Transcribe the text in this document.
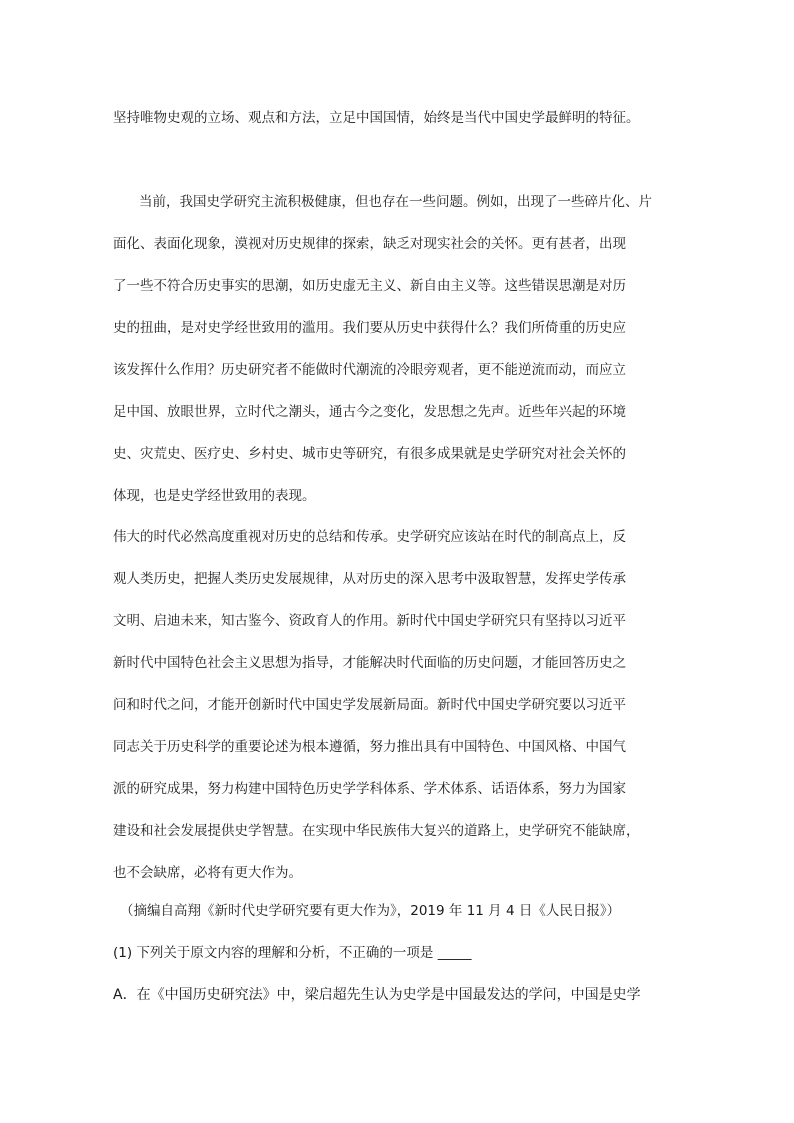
坚持唯物史观的立场、观点和方法，立足中国国情，始终是当代中国史学最鲜明的特征。
当前，我国史学研究主流积极健康，但也存在一些问题。例如，出现了一些碎片化、片
面化、表面化现象，漠视对历史规律的探索，缺乏对现实社会的关怀。更有甚者，出现
了一些不符合历史事实的思潮，如历史虚无主义、新自由主义等。这些错误思潮是对历
史的扭曲，是对史学经世致用的滥用。我们要从历史中获得什么？我们所倚重的历史应
该发挥什么作用？历史研究者不能做时代潮流的冷眼旁观者，更不能逆流而动，而应立
足中国、放眼世界，立时代之潮头，通古今之变化，发思想之先声。近些年兴起的环境
史、灾荒史、医疗史、乡村史、城市史等研究，有很多成果就是史学研究对社会关怀的
体现，也是史学经世致用的表现。
伟大的时代必然高度重视对历史的总结和传承。史学研究应该站在时代的制高点上，反
观人类历史，把握人类历史发展规律，从对历史的深入思考中汲取智慧，发挥史学传承
文明、启迪未来，知古鉴今、资政育人的作用。新时代中国史学研究只有坚持以习近平
新时代中国特色社会主义思想为指导，才能解决时代面临的历史问题，才能回答历史之
问和时代之问，才能开创新时代中国史学发展新局面。新时代中国史学研究要以习近平
同志关于历史科学的重要论述为根本遵循，努力推出具有中国特色、中国风格、中国气
派的研究成果，努力构建中国特色历史学学科体系、学术体系、话语体系，努力为国家
建设和社会发展提供史学智慧。在实现中华民族伟大复兴的道路上，史学研究不能缺席，
也不会缺席，必将有更大作为。
（摘编自高翔《新时代史学研究要有更大作为》，2019 年 11 月 4 日《人民日报》）
(1) 下列关于原文内容的理解和分析，不正确的一项是 _____
A．在《中国历史研究法》中，梁启超先生认为史学是中国最发达的学问，中国是史学
